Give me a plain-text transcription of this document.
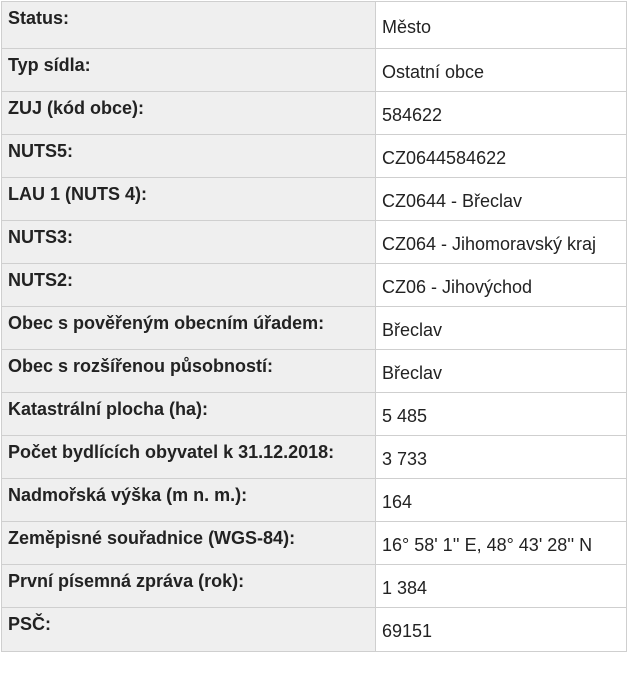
Status:	Město
Typ sídla:	Ostatní obce
ZUJ (kód obce):	584622
NUTS5:	CZ0644584622
LAU 1 (NUTS 4):	CZ0644 - Břeclav
NUTS3:	CZ064 - Jihomoravský kraj
NUTS2:	CZ06 - Jihovýchod
Obec s pověřeným obecním úřadem:	Břeclav
Obec s rozšířenou působností:	Břeclav
Katastrální plocha (ha):	5 485
Počet bydlících obyvatel k 31.12.2018:	3 733
Nadmořská výška (m n. m.):	164
Zeměpisné souřadnice (WGS-84):	16° 58' 1'' E, 48° 43' 28'' N
První písemná zpráva (rok):	1 384
PSČ:	69151
